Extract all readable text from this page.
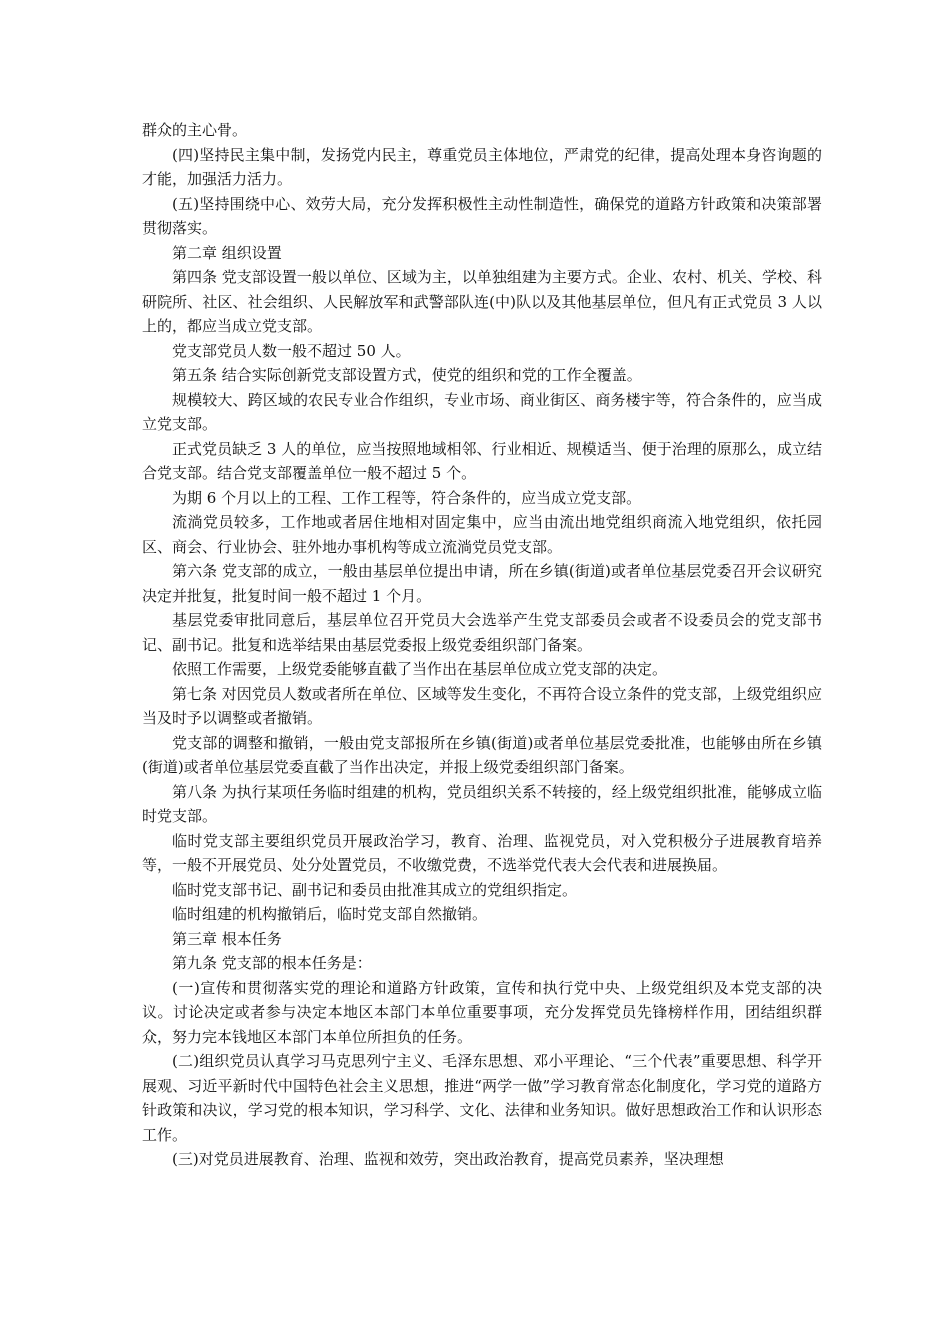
群众的主心骨。

(四)坚持民主集中制，发扬党内民主，尊重党员主体地位，严肃党的纪律，提高处理本身咨询题的才能，加强活力活力。

(五)坚持围绕中心、效劳大局，充分发挥积极性主动性制造性，确保党的道路方针政策和决策部署贯彻落实。

第二章 组织设置

第四条 党支部设置一般以单位、区域为主，以单独组建为主要方式。企业、农村、机关、学校、科研院所、社区、社会组织、人民解放军和武警部队连(中)队以及其他基层单位，但凡有正式党员 3 人以上的，都应当成立党支部。

党支部党员人数一般不超过 50 人。

第五条 结合实际创新党支部设置方式，使党的组织和党的工作全覆盖。

规模较大、跨区域的农民专业合作组织，专业市场、商业街区、商务楼宇等，符合条件的，应当成立党支部。

正式党员缺乏 3 人的单位，应当按照地域相邻、行业相近、规模适当、便于治理的原那么，成立结合党支部。结合党支部覆盖单位一般不超过 5 个。

为期 6 个月以上的工程、工作工程等，符合条件的，应当成立党支部。

流淌党员较多，工作地或者居住地相对固定集中，应当由流出地党组织商流入地党组织，依托园区、商会、行业协会、驻外地办事机构等成立流淌党员党支部。

第六条 党支部的成立，一般由基层单位提出申请，所在乡镇(街道)或者单位基层党委召开会议研究决定并批复，批复时间一般不超过 1 个月。

基层党委审批同意后，基层单位召开党员大会选举产生党支部委员会或者不设委员会的党支部书记、副书记。批复和选举结果由基层党委报上级党委组织部门备案。

依照工作需要，上级党委能够直截了当作出在基层单位成立党支部的决定。

第七条 对因党员人数或者所在单位、区域等发生变化，不再符合设立条件的党支部，上级党组织应当及时予以调整或者撤销。

党支部的调整和撤销，一般由党支部报所在乡镇(街道)或者单位基层党委批准，也能够由所在乡镇(街道)或者单位基层党委直截了当作出决定，并报上级党委组织部门备案。

第八条 为执行某项任务临时组建的机构，党员组织关系不转接的，经上级党组织批准，能够成立临时党支部。

临时党支部主要组织党员开展政治学习，教育、治理、监视党员，对入党积极分子进展教育培养等，一般不开展党员、处分处置党员，不收缴党费，不选举党代表大会代表和进展换届。

临时党支部书记、副书记和委员由批准其成立的党组织指定。

临时组建的机构撤销后，临时党支部自然撤销。

第三章 根本任务

第九条 党支部的根本任务是：

(一)宣传和贯彻落实党的理论和道路方针政策，宣传和执行党中央、上级党组织及本党支部的决议。讨论决定或者参与决定本地区本部门本单位重要事项，充分发挥党员先锋榜样作用，团结组织群众，努力完本钱地区本部门本单位所担负的任务。

(二)组织党员认真学习马克思列宁主义、毛泽东思想、邓小平理论、“三个代表”重要思想、科学开展观、习近平新时代中国特色社会主义思想，推进“两学一做”学习教育常态化制度化，学习党的道路方针政策和决议，学习党的根本知识，学习科学、文化、法律和业务知识。做好思想政治工作和认识形态工作。

(三)对党员进展教育、治理、监视和效劳，突出政治教育，提高党员素养，坚决理想
